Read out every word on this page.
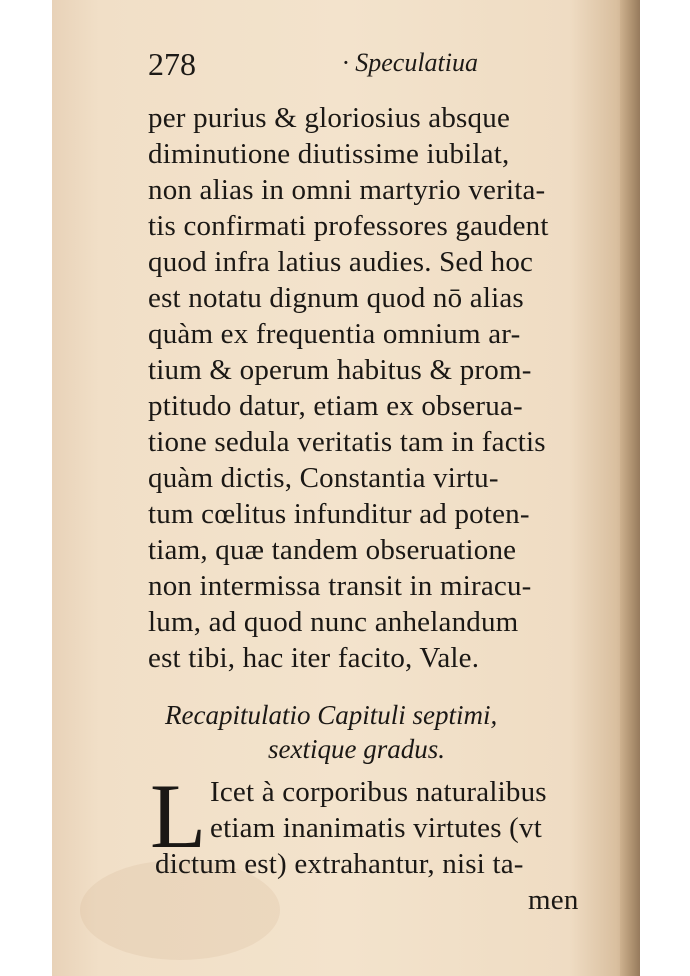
278	· Speculatiua
per purius & gloriosius absque
diminutione diutissime iubilat,
non alias in omni martyrio verita-
tis confirmati professores gaudent
quod infra latius audies. Sed hoc
est notatu dignum quod nō alias
quàm ex frequentia omnium ar-
tium & operum habitus & prom-
ptitudo datur, etiam ex obseruа-
tione sedula veritatis tam in factis
quàm dictis, Constantia virtu-
tum cœlitus infunditur ad poten-
tiam, quæ tandem obseruatione
non intermissa transit in miracu-
lum, ad quod nunc anhelandum
est tibi, hac iter facito, Vale.
Recapitulatio Capituli septimi,
sextique gradus.
L Icet à corporibus naturalibus
etiam inanimatis virtutes (vt
dictum est) extrahantur, nisi ta-
men
